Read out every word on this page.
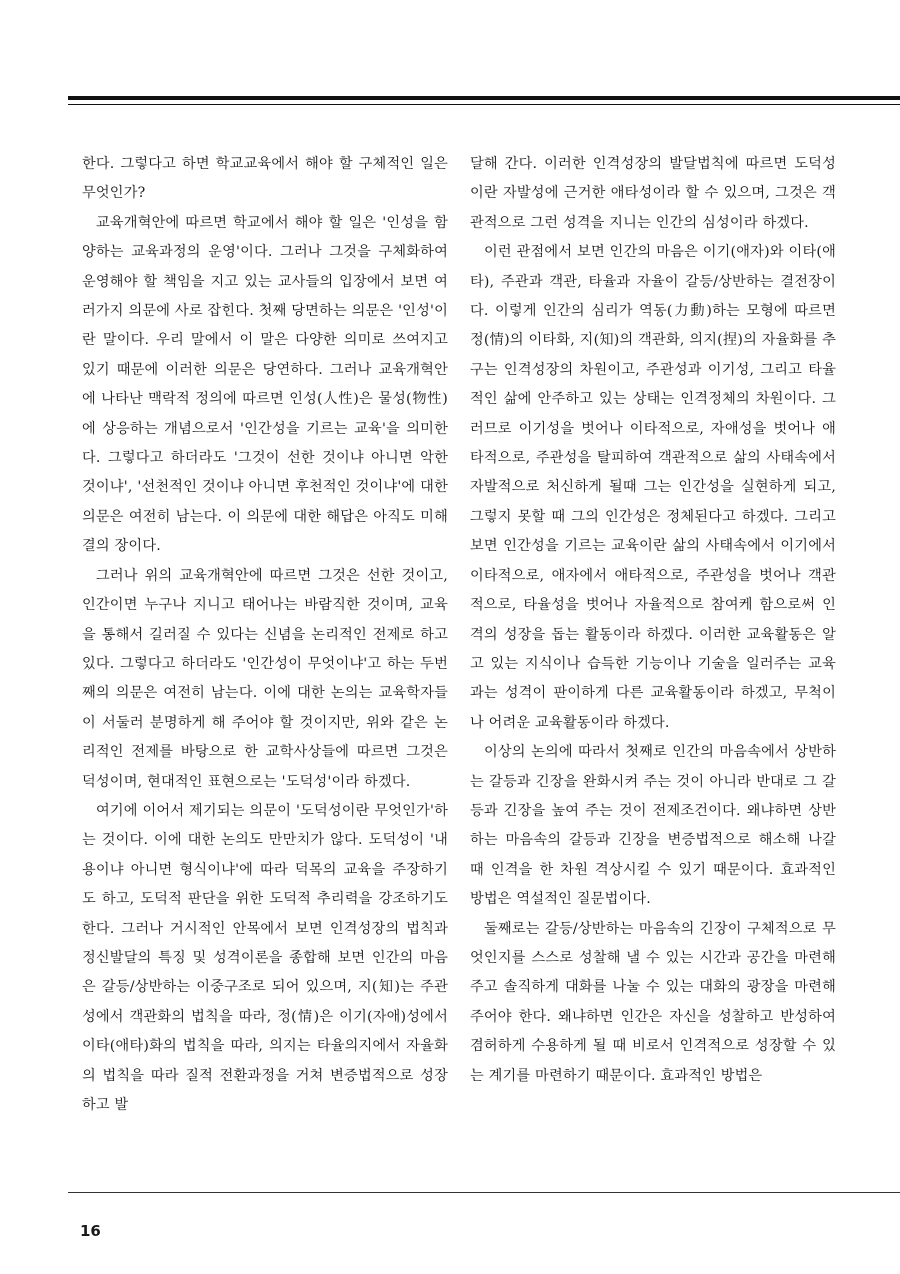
한다. 그렇다고 하면 학교교육에서 해야 할 구체적인 일은 무엇인가?

교육개혁안에 따르면 학교에서 해야 할 일은 '인성을 함양하는 교육과정의 운영'이다. 그러나 그것을 구체화하여 운영해야 할 책임을 지고 있는 교사들의 입장에서 보면 여러가지 의문에 사로 잡힌다. 첫째 당면하는 의문은 '인성'이란 말이다. 우리 말에서 이 말은 다양한 의미로 쓰여지고 있기 때문에 이러한 의문은 당연하다. 그러나 교육개혁안에 나타난 맥락적 정의에 따르면 인성(人性)은 물성(物性)에 상응하는 개념으로서 '인간성을 기르는 교육'을 의미한다. 그렇다고 하더라도 '그것이 선한 것이냐 아니면 악한 것이냐', '선천적인 것이냐 아니면 후천적인 것이냐'에 대한 의문은 여전히 남는다. 이 의문에 대한 해답은 아직도 미해결의 장이다.

그러나 위의 교육개혁안에 따르면 그것은 선한 것이고, 인간이면 누구나 지니고 태어나는 바람직한 것이며, 교육을 통해서 길러질 수 있다는 신념을 논리적인 전제로 하고 있다. 그렇다고 하더라도 '인간성이 무엇이냐'고 하는 두번째의 의문은 여전히 남는다. 이에 대한 논의는 교육학자들이 서둘러 분명하게 해 주어야 할 것이지만, 위와 같은 논리적인 전제를 바탕으로 한 교학사상들에 따르면 그것은 덕성이며, 현대적인 표현으로는 '도덕성'이라 하겠다.

여기에 이어서 제기되는 의문이 '도덕성이란 무엇인가'하는 것이다. 이에 대한 논의도 만만치가 않다. 도덕성이 '내용이냐 아니면 형식이냐'에 따라 덕목의 교육을 주장하기도 하고, 도덕적 판단을 위한 도덕적 추리력을 강조하기도 한다. 그러나 거시적인 안목에서 보면 인격성장의 법칙과 정신발달의 특징 및 성격이론을 종합해 보면 인간의 마음은 갈등/상반하는 이중구조로 되어 있으며, 지(知)는 주관성에서 객관화의 법칙을 따라, 정(情)은 이기(자애)성에서 이타(애타)화의 법칙을 따라, 의지는 타율의지에서 자율화의 법칙을 따라 질적 전환과정을 거쳐 변증법적으로 성장하고 발

달해 간다. 이러한 인격성장의 발달법칙에 따르면 도덕성이란 자발성에 근거한 애타성이라 할 수 있으며, 그것은 객관적으로 그런 성격을 지니는 인간의 심성이라 하겠다.

이런 관점에서 보면 인간의 마음은 이기(애자)와 이타(애타), 주관과 객관, 타율과 자율이 갈등/상반하는 결전장이다. 이렇게 인간의 심리가 역동(力動)하는 모형에 따르면 정(情)의 이타화, 지(知)의 객관화, 의지(捏)의 자율화를 추구는 인격성장의 차원이고, 주관성과 이기성, 그리고 타율적인 삶에 안주하고 있는 상태는 인격정체의 차원이다. 그러므로 이기성을 벗어나 이타적으로, 자애성을 벗어나 애타적으로, 주관성을 탈피하여 객관적으로 삶의 사태속에서 자발적으로 처신하게 될때 그는 인간성을 실현하게 되고, 그렇지 못할 때 그의 인간성은 정체된다고 하겠다. 그리고 보면 인간성을 기르는 교육이란 삶의 사태속에서 이기에서 이타적으로, 애자에서 애타적으로, 주관성을 벗어나 객관적으로, 타율성을 벗어나 자율적으로 참여케 함으로써 인격의 성장을 돕는 활동이라 하겠다. 이러한 교육활동은 알고 있는 지식이나 습득한 기능이나 기술을 일러주는 교육과는 성격이 판이하게 다른 교육활동이라 하겠고, 무척이나 어려운 교육활동이라 하겠다.

이상의 논의에 따라서 첫째로 인간의 마음속에서 상반하는 갈등과 긴장을 완화시켜 주는 것이 아니라 반대로 그 갈등과 긴장을 높여 주는 것이 전제조건이다. 왜냐하면 상반하는 마음속의 갈등과 긴장을 변증법적으로 해소해 나갈 때 인격을 한 차원 격상시킬 수 있기 때문이다. 효과적인 방법은 역설적인 질문법이다.

둘째로는 갈등/상반하는 마음속의 긴장이 구체적으로 무엇인지를 스스로 성찰해 낼 수 있는 시간과 공간을 마련해 주고 솔직하게 대화를 나눌 수 있는 대화의 광장을 마련해 주어야 한다. 왜냐하면 인간은 자신을 성찰하고 반성하여 겸허하게 수용하게 될 때 비로서 인격적으로 성장할 수 있는 계기를 마련하기 때문이다. 효과적인 방법은

16
